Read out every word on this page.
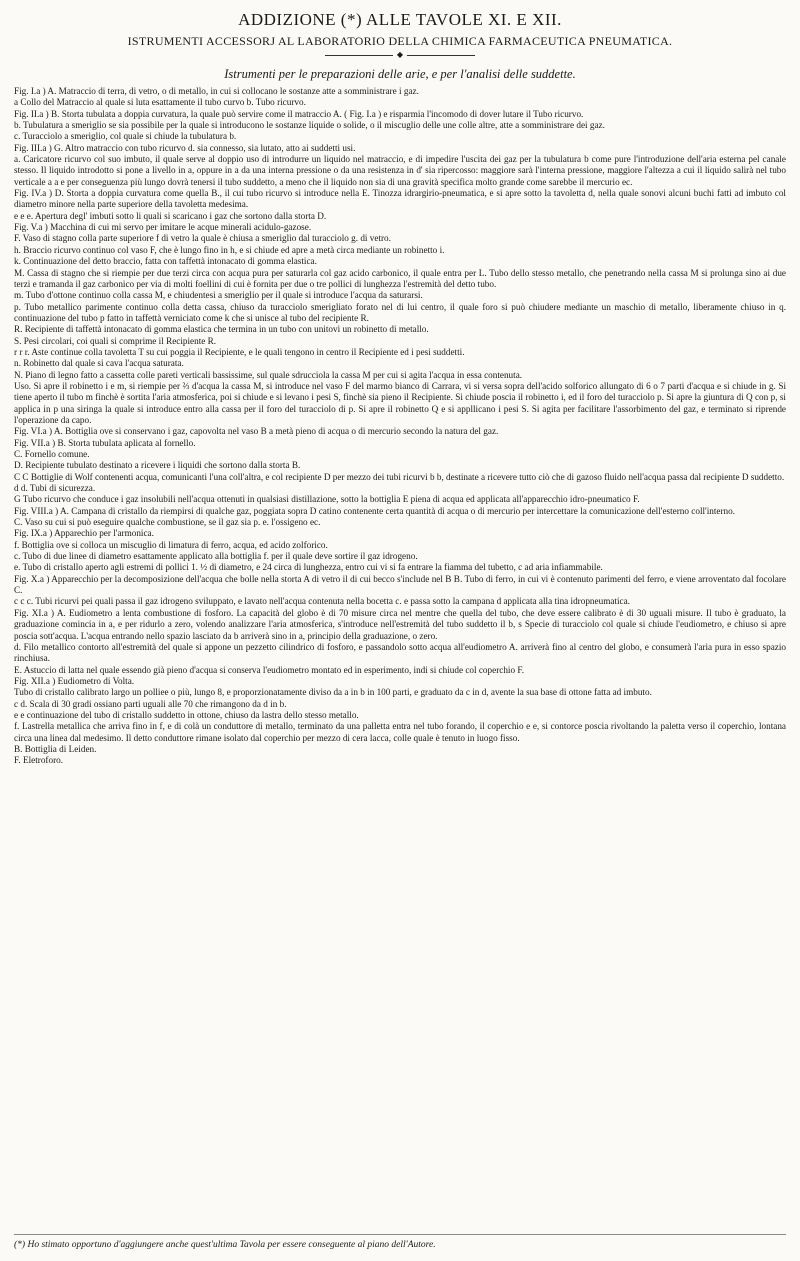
ADDIZIONE (*) ALLE TAVOLE XI. E XII.
ISTRUMENTI ACCESSORJ AL LABORATORIO DELLA CHIMICA FARMACEUTICA PNEUMATICA.
◆
Istrumenti per le preparazioni delle arie, e per l'analisi delle suddette.

Fig. I.a ) A. Matraccio di terra, di vetro, o di metallo, in cui si collocano le sostanze atte a somministrare i gaz.

a Collo del Matraccio al quale si luta esattamente il tubo curvo b. Tubo ricurvo.

Fig. II.a ) B. Storta tubulata a doppia curvatura, la quale può servire come il matraccio A. ( Fig. I.a ) e risparmia l'incomodo di dover lutare il Tubo ricurvo.

b. Tubulatura a smeriglio se sia possibile per la quale si introducono le sostanze liquide o solide, o il miscuglio delle une colle altre, atte a somministrare dei gaz.

c. Turacciolo a smeriglio, col quale si chiude la tubulatura b.

Fig. III.a ) G. Altro matraccio con tubo ricurvo d. sia connesso, sia lutato, atto ai suddetti usi.

a. Caricatore ricurvo col suo imbuto, il quale serve al doppio uso di introdurre un liquido nel matraccio, e di impedire l'uscita dei gaz per la tubulatura b come pure l'introduzione dell'aria esterna pel canale stesso. Il liquido introdotto si pone a livello in a, oppure in a da una interna pressione o da una resistenza in d' sia ripercosso: maggiore sarà l'interna pressione, maggiore l'altezza a cui il liquido salirà nel tubo verticale a a e per conseguenza più lungo dovrà tenersi il tubo suddetto, a meno che il liquido non sia di una gravità specifica molto grande come sarebbe il mercurio ec.

Fig. IV.a ) D. Storta a doppia curvatura come quella B., il cui tubo ricurvo si introduce nella E. Tinozza idrargirio-pneumatica, e si apre sotto la tavoletta d, nella quale sonovi alcuni buchi fatti ad imbuto col diametro minore nella parte superiore della tavoletta medesima.

e e e. Apertura degl' imbuti sotto li quali si scaricano i gaz che sortono dalla storta D.

Fig. V.a ) Macchina di cui mi servo per imitare le acque minerali acidulo-gazose.

F. Vaso di stagno colla parte superiore f di vetro la quale è chiusa a smeriglio dal turacciolo g. di vetro.

h. Braccio ricurvo continuo col vaso F, che è lungo fino in h, e si chiude ed apre a metà circa mediante un robinetto i.

k. Continuazione del detto braccio, fatta con taffettà intonacato di gomma elastica.

M. Cassa di stagno che si riempie per due terzi circa con acqua pura per saturarla col gaz acido carbonico, il quale entra per L. Tubo dello stesso metallo, che penetrando nella cassa M si prolunga sino ai due terzi e tramanda il gaz carbonico per via di molti foellini di cui è fornita per due o tre pollici di lunghezza l'estremità del detto tubo.

m. Tubo d'ottone continuo colla cassa M, e chiudentesi a smeriglio per il quale si introduce l'acqua da saturarsi.

p. Tubo metallico parimente continuo colla detta cassa, chiuso da turacciolo smerigliato forato nel di lui centro, il quale foro si può chiudere mediante un maschio di metallo, liberamente chiuso in q. continuazione del tubo p fatto in taffettà verniciato come k che si unisce al tubo del recipiente R.

R. Recipiente di taffettà intonacato di gomma elastica che termina in un tubo con unitovi un robinetto di metallo.

S. Pesi circolari, coi quali si comprime il Recipiente R.

r r r. Aste continue colla tavoletta T su cui poggia il Recipiente, e le quali tengono in centro il Recipiente ed i pesi suddetti.

n. Robinetto dal quale si cava l'acqua saturata.

N. Piano di legno fatto a cassetta colle pareti verticali bassissime, sul quale sdrucciola la cassa M per cui si agita l'acqua in essa contenuta.

Uso. Si apre il robinetto i e m, si riempie per ⅔ d'acqua la cassa M, si introduce nel vaso F del marmo bianco di Carrara, vi si versa sopra dell'acido solforico allungato di 6 o 7 parti d'acqua e si chiude in g. Si tiene aperto il tubo m finchè è sortita l'aria atmosferica, poi si chiude e si levano i pesi S, finchè sia pieno il Recipiente. Si chiude poscia il robinetto i, ed il foro del turacciolo p. Si apre la giuntura di Q con p, si applica in p una siringa la quale si introduce entro alla cassa per il foro del turacciolo di p. Si apre il robinetto Q e si appllicano i pesi S. Si agita per facilitare l'assorbimento del gaz, e terminato si riprende l'operazione da capo.

Fig. VI.a ) A. Bottiglia ove si conservano i gaz, capovolta nel vaso B a metà pieno di acqua o di mercurio secondo la natura del gaz.

Fig. VII.a ) B. Storta tubulata aplicata al fornello.

C. Fornello comune.

D. Recipiente tubulato destinato a ricevere i liquidi che sortono dalla storta B.

C C Bottiglie di Wolf contenenti acqua, comunicanti l'una coll'altra, e col recipiente D per mezzo dei tubi ricurvi b b, destinate a ricevere tutto ciò che di gazoso fluido nell'acqua passa dal recipiente D suddetto.

d d. Tubi di sicurezza.

G Tubo ricurvo che conduce i gaz insolubili nell'acqua ottenuti in qualsiasi distillazione, sotto la bottiglia E piena di acqua ed applicata all'apparecchio idro-pneumatico F.

Fig. VIII.a ) A. Campana di cristallo da riempirsi di qualche gaz, poggiata sopra D catino contenente certa quantità di acqua o di mercurio per intercettare la comunicazione dell'esterno coll'interno.

C. Vaso su cui si può eseguire qualche combustione, se il gaz sia p. e. l'ossigeno ec.

Fig. IX.a ) Apparechio per l'armonica.

f. Bottiglia ove si colloca un miscuglio di limatura di ferro, acqua, ed acido zolforico.

c. Tubo di due linee di diametro esattamente applicato alla bottiglia f. per il quale deve sortire il gaz idrogeno.

e. Tubo di cristallo aperto agli estremi di pollici 1. ½ di diametro, e 24 circa di lunghezza, entro cui vi si fa entrare la fiamma del tubetto, c ad aria infiammabile.

Fig. X.a ) Apparecchio per la decomposizione dell'acqua che bolle nella storta A di vetro il di cui becco s'include nel B B. Tubo di ferro, in cui vi è contenuto parimenti del ferro, e viene arroventato dal focolare C.

c c c. Tubi ricurvi pei quali passa il gaz idrogeno sviluppato, e lavato nell'acqua contenuta nella bocetta c. e passa sotto la campana d applicata alla tina idropneumatica.

Fig. XI.a ) A. Eudiometro a lenta combustione di fosforo. La capacità del globo è di 70 misure circa nel mentre che quella del tubo, che deve essere calibrato è di 30 uguali misure. Il tubo è graduato, la graduazione comincia in a, e per ridurlo a zero, volendo analizzare l'aria atmosferica, s'introduce nell'estremità del tubo suddetto il b, s Specie di turacciolo col quale si chiude l'eudiometro, e chiuso si apre poscia sott'acqua. L'acqua entrando nello spazio lasciato da b arriverà sino in a, principio della graduazione, o zero.

d. Filo metallico contorto all'estremità del quale si appone un pezzetto cilindrico di fosforo, e passandolo sotto acqua all'eudiometro A. arriverà fino al centro del globo, e consumerà l'aria pura in esso spazio rinchiusa.

E. Astuccio di latta nel quale essendo già pieno d'acqua si conserva l'eudiometro montato ed in esperimento, indi si chiude col coperchio F.

Fig. XII.a ) Eudiometro di Volta.

Tubo di cristallo calibrato largo un polliee o più, lungo 8, e proporzionatamente diviso da a in b in 100 parti, e graduato da c in d, avente la sua base di ottone fatta ad imbuto.

c d. Scala di 30 gradi ossiano parti uguali alle 70 che rimangono da d in b.

e e continuazione del tubo di cristallo suddetto in ottone, chiuso da lastra dello stesso metallo.

f. Lastrella metallica che arriva fino in f, e di colà un conduttore di metallo, terminato da una palletta entra nel tubo forando, il coperchio e e, si contorce poscia rivoltando la paletta verso il coperchio, lontana circa una linea dal medesimo. Il detto conduttore rimane isolato dal coperchio per mezzo di cera lacca, colle quale è tenuto in luogo fisso.

B. Bottiglia di Leiden.

F. Eletroforo.

(*) Ho stimato opportuno d'aggiungere anche quest'ultima Tavola per essere conseguente al piano dell'Autore.
